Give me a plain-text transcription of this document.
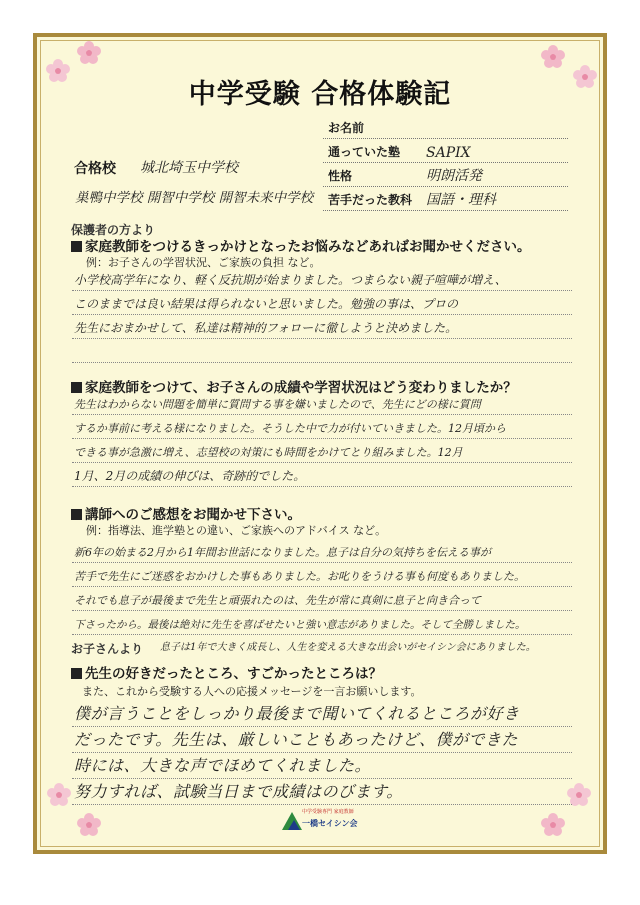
中学受験 合格体験記
お名前
通っていた塾 SAPIX
性格	明朗活発
苦手だった教科 国語・理科
合格校 城北埼玉中学校
巣鴨中学校 開智中学校 開智未来中学校
保護者の方より
家庭教師をつけるきっかけとなったお悩みなどあればお聞かせください。
例：お子さんの学習状況、ご家族の負担 など。
小学校高学年になり、軽く反抗期が始まりました。つまらない親子喧嘩が増え、
このままでは良い結果は得られないと思いました。勉強の事は、プロの
先生におまかせして、私達は精神的フォローに徹しようと決めました。
家庭教師をつけて、お子さんの成績や学習状況はどう変わりましたか？
先生はわからない問題を簡単に質問する事を嫌いましたので、先生にどの様に質問
するか事前に考える様になりました。そうした中で力が付いていきました。12月頃から
できる事が急激に増え、志望校の対策にも時間をかけてとり組みました。12月
1月、2月の成績の伸びは、奇跡的でした。
講師へのご感想をお聞かせ下さい。
例：指導法、進学塾との違い、ご家族へのアドバイス など。
新6年の始まる2月から1年間お世話になりました。息子は自分の気持ちを伝える事が
苦手で先生にご迷惑をおかけした事もありました。お叱りをうける事も何度もありました。
それでも息子が最後まで先生と頑張れたのは、先生が常に真剣に息子と向き合って
下さったから。最後は絶対に先生を喜ばせたいと強い意志がありました。そして全勝しました。
お子さんより 息子は1年で大きく成長し、人生を変える大きな出会いがセイシン会にありました。
先生の好きだったところ、すごかったところは？
また、これから受験する人への応援メッセージを一言お願いします。
僕が言うことをしっかり最後まで聞いてくれるところが好き
だったです。先生は、厳しいこともあったけど、僕ができた
時には、大きな声でほめてくれました。
努力すれば、試験当日まで成績はのびます。
中学受験専門 家庭教師
一橋セイシン会
